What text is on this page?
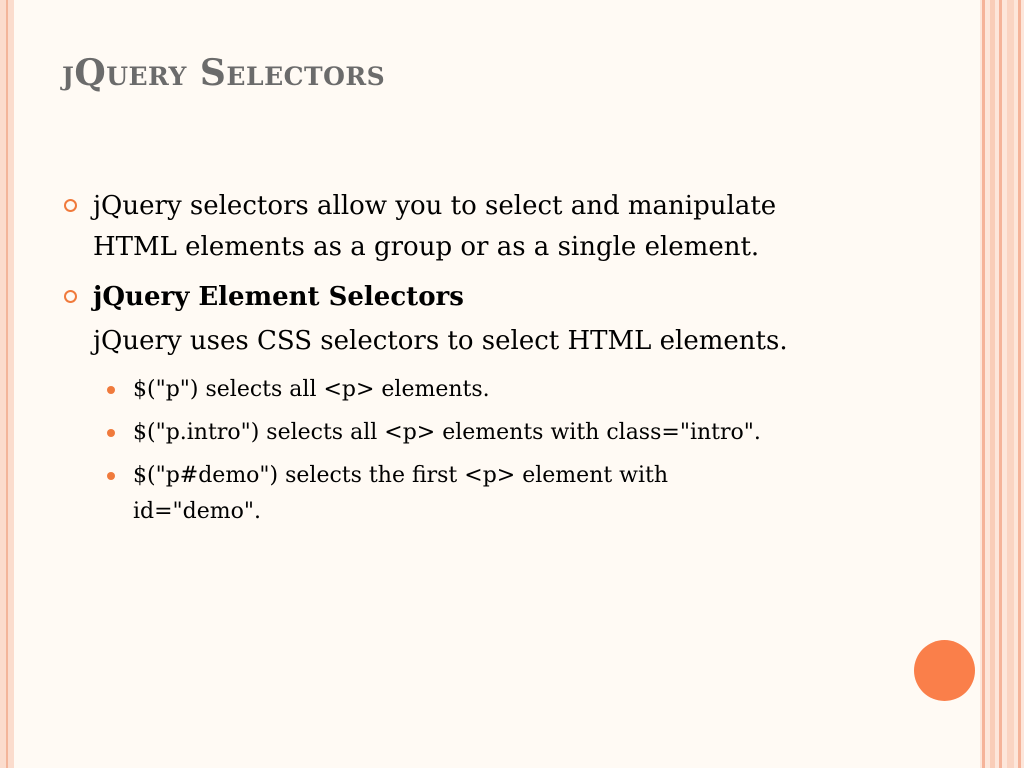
jQuery Selectors
jQuery selectors allow you to select and manipulate HTML elements as a group or as a single element.
jQuery Element Selectors
jQuery uses CSS selectors to select HTML elements.
$("p") selects all <p> elements.
$("p.intro") selects all <p> elements with class="intro".
$("p#demo") selects the first <p> element with id="demo".
